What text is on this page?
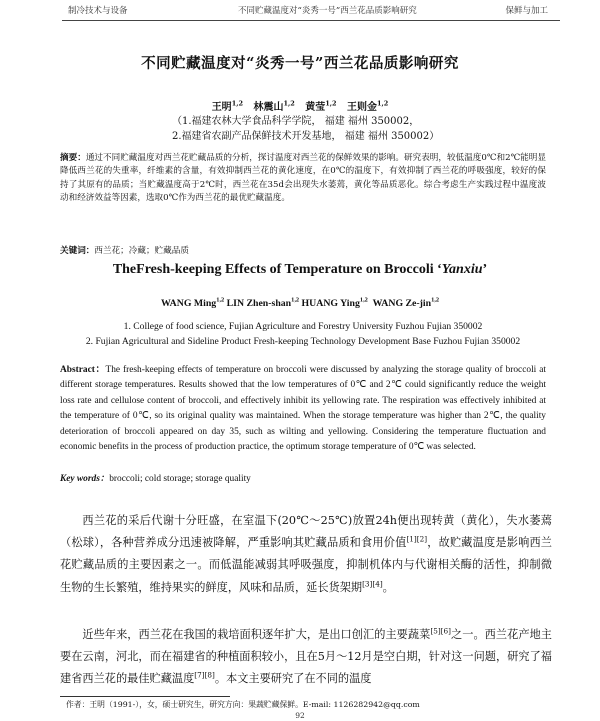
制冷技术与设备	不同贮藏温度对“炎秀一号”西兰花品质影响研究	保鲜与加工
不同贮藏温度对“炎秀一号”西兰花品质影响研究
王明$^{1,2}$ 林震山$^{1,2}$ 黄莹$^{1,2}$ 王则金$^{1,2}$
（1.福建农林大学食品科学学院， 福建 福州 350002，
2.福建省农副产品保鲜技术开发基地， 福建 福州 350002）
摘要：通过不同贮藏温度对西兰花贮藏品质的分析，探讨温度对西兰花的保鲜效果的影响。研究表明，较低温度0℃和2℃能明显降低西兰花的失重率，纤维素的含量，有效抑制西兰花的黄化速度，在0℃的温度下，有效抑制了西兰花的呼吸强度，较好的保持了其原有的品质；当贮藏温度高于2℃时，西兰花在35d会出现失水萎蔫，黄化等品质恶化。综合考虑生产实践过程中温度波动和经济效益等因素，选取0℃作为西兰花的最优贮藏温度。
关键词：西兰花；冷藏；贮藏品质
TheFresh-keeping Effects of Temperature on Broccoli ‘Yanxiu’
WANG Ming$^{1,2}$ LIN Zhen-shan$^{1,2}$ HUANG Ying$^{1,2}$ WANG Ze-jin$^{1,2}$
1. College of food science, Fujian Agriculture and Forestry University Fuzhou Fujian 350002
2. Fujian Agricultural and Sideline Product Fresh-keeping Technology Development Base Fuzhou Fujian 350002
Abstract：The fresh-keeping effects of temperature on broccoli were discussed by analyzing the storage quality of broccoli at different storage temperatures. Results showed that the low temperatures of 0℃ and 2℃ could significantly reduce the weight loss rate and cellulose content of broccoli, and effectively inhibit its yellowing rate. The respiration was effectively inhibited at the temperature of 0℃, so its original quality was maintained. When the storage temperature was higher than 2℃, the quality deterioration of broccoli appeared on day 35, such as wilting and yellowing. Considering the temperature fluctuation and economic benefits in the process of production practice, the optimum storage temperature of 0℃ was selected.
Key words：broccoli; cold storage; storage quality
西兰花的采后代谢十分旺盛，在室温下(20℃～25℃)放置24h便出现转黄（黄化），失水萎蔫（松球），各种营养成分迅速被降解，严重影响其贮藏品质和食用价值[1][2]，故贮藏温度是影响西兰花贮藏品质的主要因素之一。而低温能减弱其呼吸强度，抑制机体内与代谢相关酶的活性，抑制微生物的生长繁殖，维持果实的鲜度，风味和品质，延长货架期[3][4]。
近些年来，西兰花在我国的栽培面积逐年扩大，是出口创汇的主要蔬菜[5][6]之一。西兰花产地主要在云南，河北，而在福建省的种植面积较小，且在5月～12月是空白期，针对这一问题，研究了福建省西兰花的最佳贮藏温度[7][8]。本文主要研究了在不同的温度
作者：王明（1991-），女，硕士研究生，研究方向：果蔬贮藏保鲜。E-mail: 1126282942@qq.com
92
